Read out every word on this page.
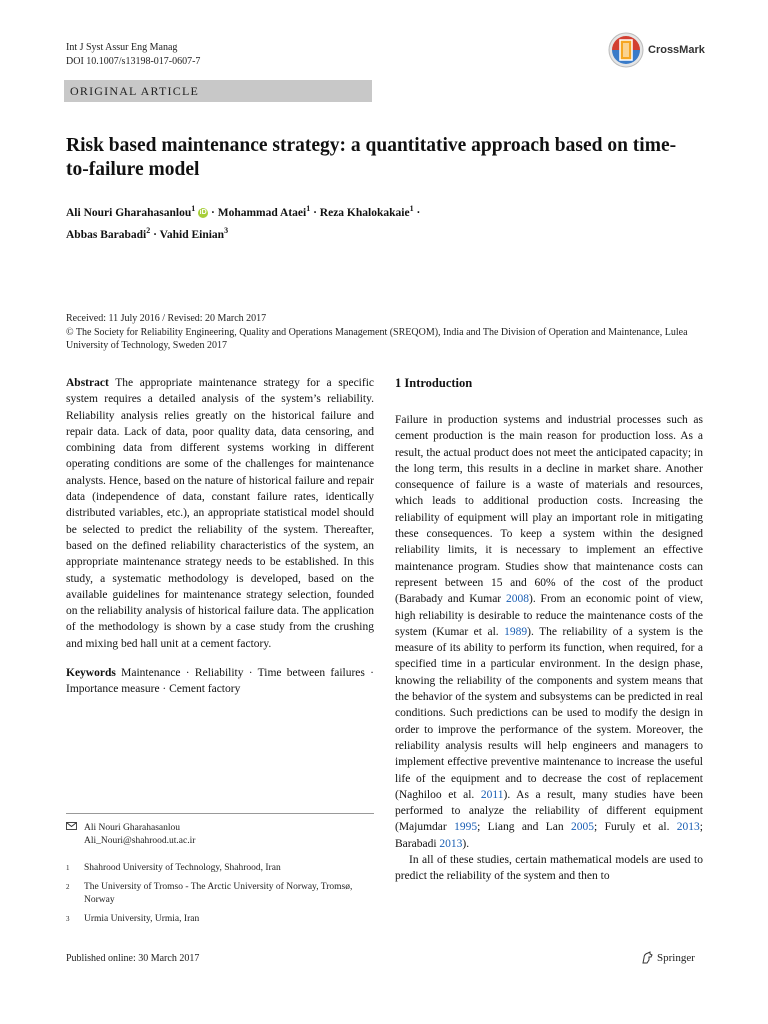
Int J Syst Assur Eng Manag
DOI 10.1007/s13198-017-0607-7
CrossMark
ORIGINAL ARTICLE
Risk based maintenance strategy: a quantitative approach based on time-to-failure model
Ali Nouri Gharahasanlou$^1$ iD · Mohammad Ataei$^1$ · Reza Khalokakaie$^1$ ·
Abbas Barabadi$^2$ · Vahid Einian$^3$
Received: 11 July 2016 / Revised: 20 March 2017
© The Society for Reliability Engineering, Quality and Operations Management (SREQOM), India and The Division of Operation and Maintenance, Lulea University of Technology, Sweden 2017

Abstract The appropriate maintenance strategy for a specific system requires a detailed analysis of the system’s reliability. Reliability analysis relies greatly on the historical failure and repair data. Lack of data, poor quality data, data censoring, and combining data from different systems working in different operating conditions are some of the challenges for maintenance analysts. Hence, based on the nature of historical failure and repair data (independence of data, constant failure rates, identically distributed variables, etc.), an appropriate statistical model should be selected to predict the reliability of the system. Thereafter, based on the defined reliability characteristics of the system, an appropriate maintenance strategy needs to be established. In this study, a systematic methodology is developed, based on the available guidelines for maintenance strategy selection, founded on the reliability analysis of historical failure data. The application of the methodology is shown by a case study from the crushing and mixing bed hall unit at a cement factory.

Keywords Maintenance · Reliability · Time between failures · Importance measure · Cement factory

Ali Nouri Gharahasanlou
Ali_Nouri@shahrood.ut.ac.ir
1 Shahrood University of Technology, Shahrood, Iran
2 The University of Tromso - The Arctic University of Norway, Tromsø, Norway
3 Urmia University, Urmia, Iran
1 Introduction

Failure in production systems and industrial processes such as cement production is the main reason for production loss. As a result, the actual product does not meet the anticipated capacity; in the long term, this results in a decline in market share. Another consequence of failure is a waste of materials and resources, which leads to additional production costs. Increasing the reliability of equipment will play an important role in mitigating these consequences. To keep a system within the designed reliability limits, it is necessary to implement an effective maintenance program. Studies show that maintenance costs can represent between 15 and 60% of the cost of the product (Barabady and Kumar 2008). From an economic point of view, high reliability is desirable to reduce the maintenance costs of the system (Kumar et al. 1989). The reliability of a system is the measure of its ability to perform its function, when required, for a specified time in a particular environment. In the design phase, knowing the reliability of the components and system means that the behavior of the system and subsystems can be predicted in real conditions. Such predictions can be used to modify the design in order to improve the performance of the system. Moreover, the reliability analysis results will help engineers and managers to implement effective preventive maintenance to increase the useful life of the equipment and to decrease the cost of replacement (Naghiloo et al. 2011). As a result, many studies have been performed to analyze the reliability of different equipment (Majumdar 1995; Liang and Lan 2005; Furuly et al. 2013; Barabadi 2013).

In all of these studies, certain mathematical models are used to predict the reliability of the system and then to

Published online: 30 March 2017	Springer
